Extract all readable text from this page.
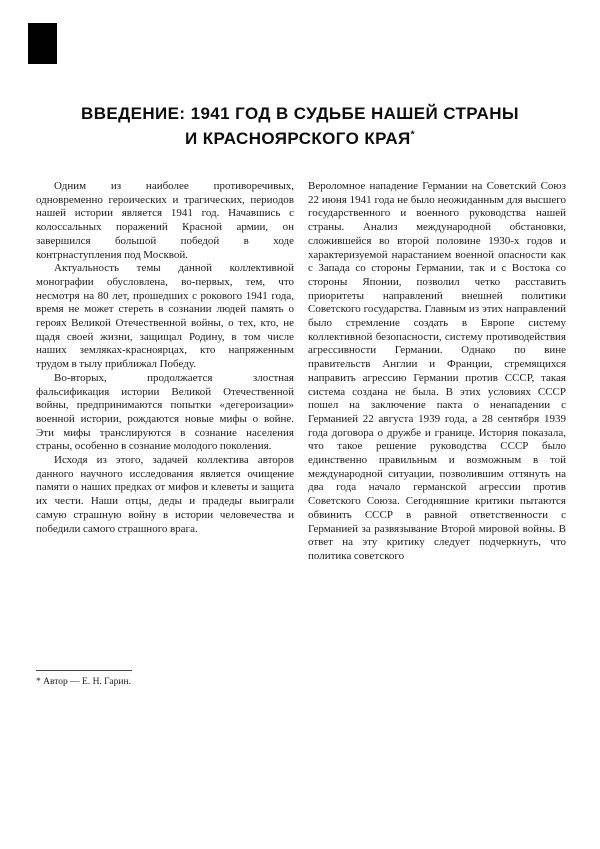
ВВЕДЕНИЕ: 1941 ГОД В СУДЬБЕ НАШЕЙ СТРАНЫ
И КРАСНОЯРСКОГО КРАЯ*

Одним из наиболее противоречивых, одновременно героических и трагических, периодов нашей истории является 1941 год. Начавшись с колоссальных поражений Красной армии, он завершился большой победой в ходе контрнаступления под Москвой.

Актуальность темы данной коллективной монографии обусловлена, во-первых, тем, что несмотря на 80 лет, прошедших с рокового 1941 года, время не может стереть в сознании людей память о героях Великой Отечественной войны, о тех, кто, не щадя своей жизни, защищал Родину, в том числе наших земляках-красноярцах, кто напряженным трудом в тылу приближал Победу.

Во-вторых, продолжается злостная фальсификация истории Великой Отечественной войны, предпринимаются попытки «дегероизации» военной истории, рождаются новые мифы о войне. Эти мифы транслируются в сознание населения страны, особенно в сознание молодого поколения.

Исходя из этого, задачей коллектива авторов данного научного исследования является очищение памяти о наших предках от мифов и клеветы и защита их чести. Наши отцы, деды и прадеды выиграли самую страшную войну в истории человечества и победили самого страшного врага.

Вероломное нападение Германии на Советский Союз 22 июня 1941 года не было неожиданным для высшего государственного и военного руководства нашей страны. Анализ международной обстановки, сложившейся во второй половине 1930-х годов и характеризуемой нарастанием военной опасности как с Запада со стороны Германии, так и с Востока со стороны Японии, позволил четко расставить приоритеты направлений внешней политики Советского государства. Главным из этих направлений было стремление создать в Европе систему коллективной безопасности, систему противодействия агрессивности Германии. Однако по вине правительств Англии и Франции, стремящихся направить агрессию Германии против СССР, такая система создана не была. В этих условиях СССР пошел на заключение пакта о ненападении с Германией 22 августа 1939 года, а 28 сентября 1939 года договора о дружбе и границе. История показала, что такое решение руководства СССР было единственно правильным и возможным в той международной ситуации, позволившим оттянуть на два года начало германской агрессии против Советского Союза. Сегодняшние критики пытаются обвинить СССР в равной ответственности с Германией за развязывание Второй мировой войны. В ответ на эту критику следует подчеркнуть, что политика советского

* Автор — Е. Н. Гарин.
